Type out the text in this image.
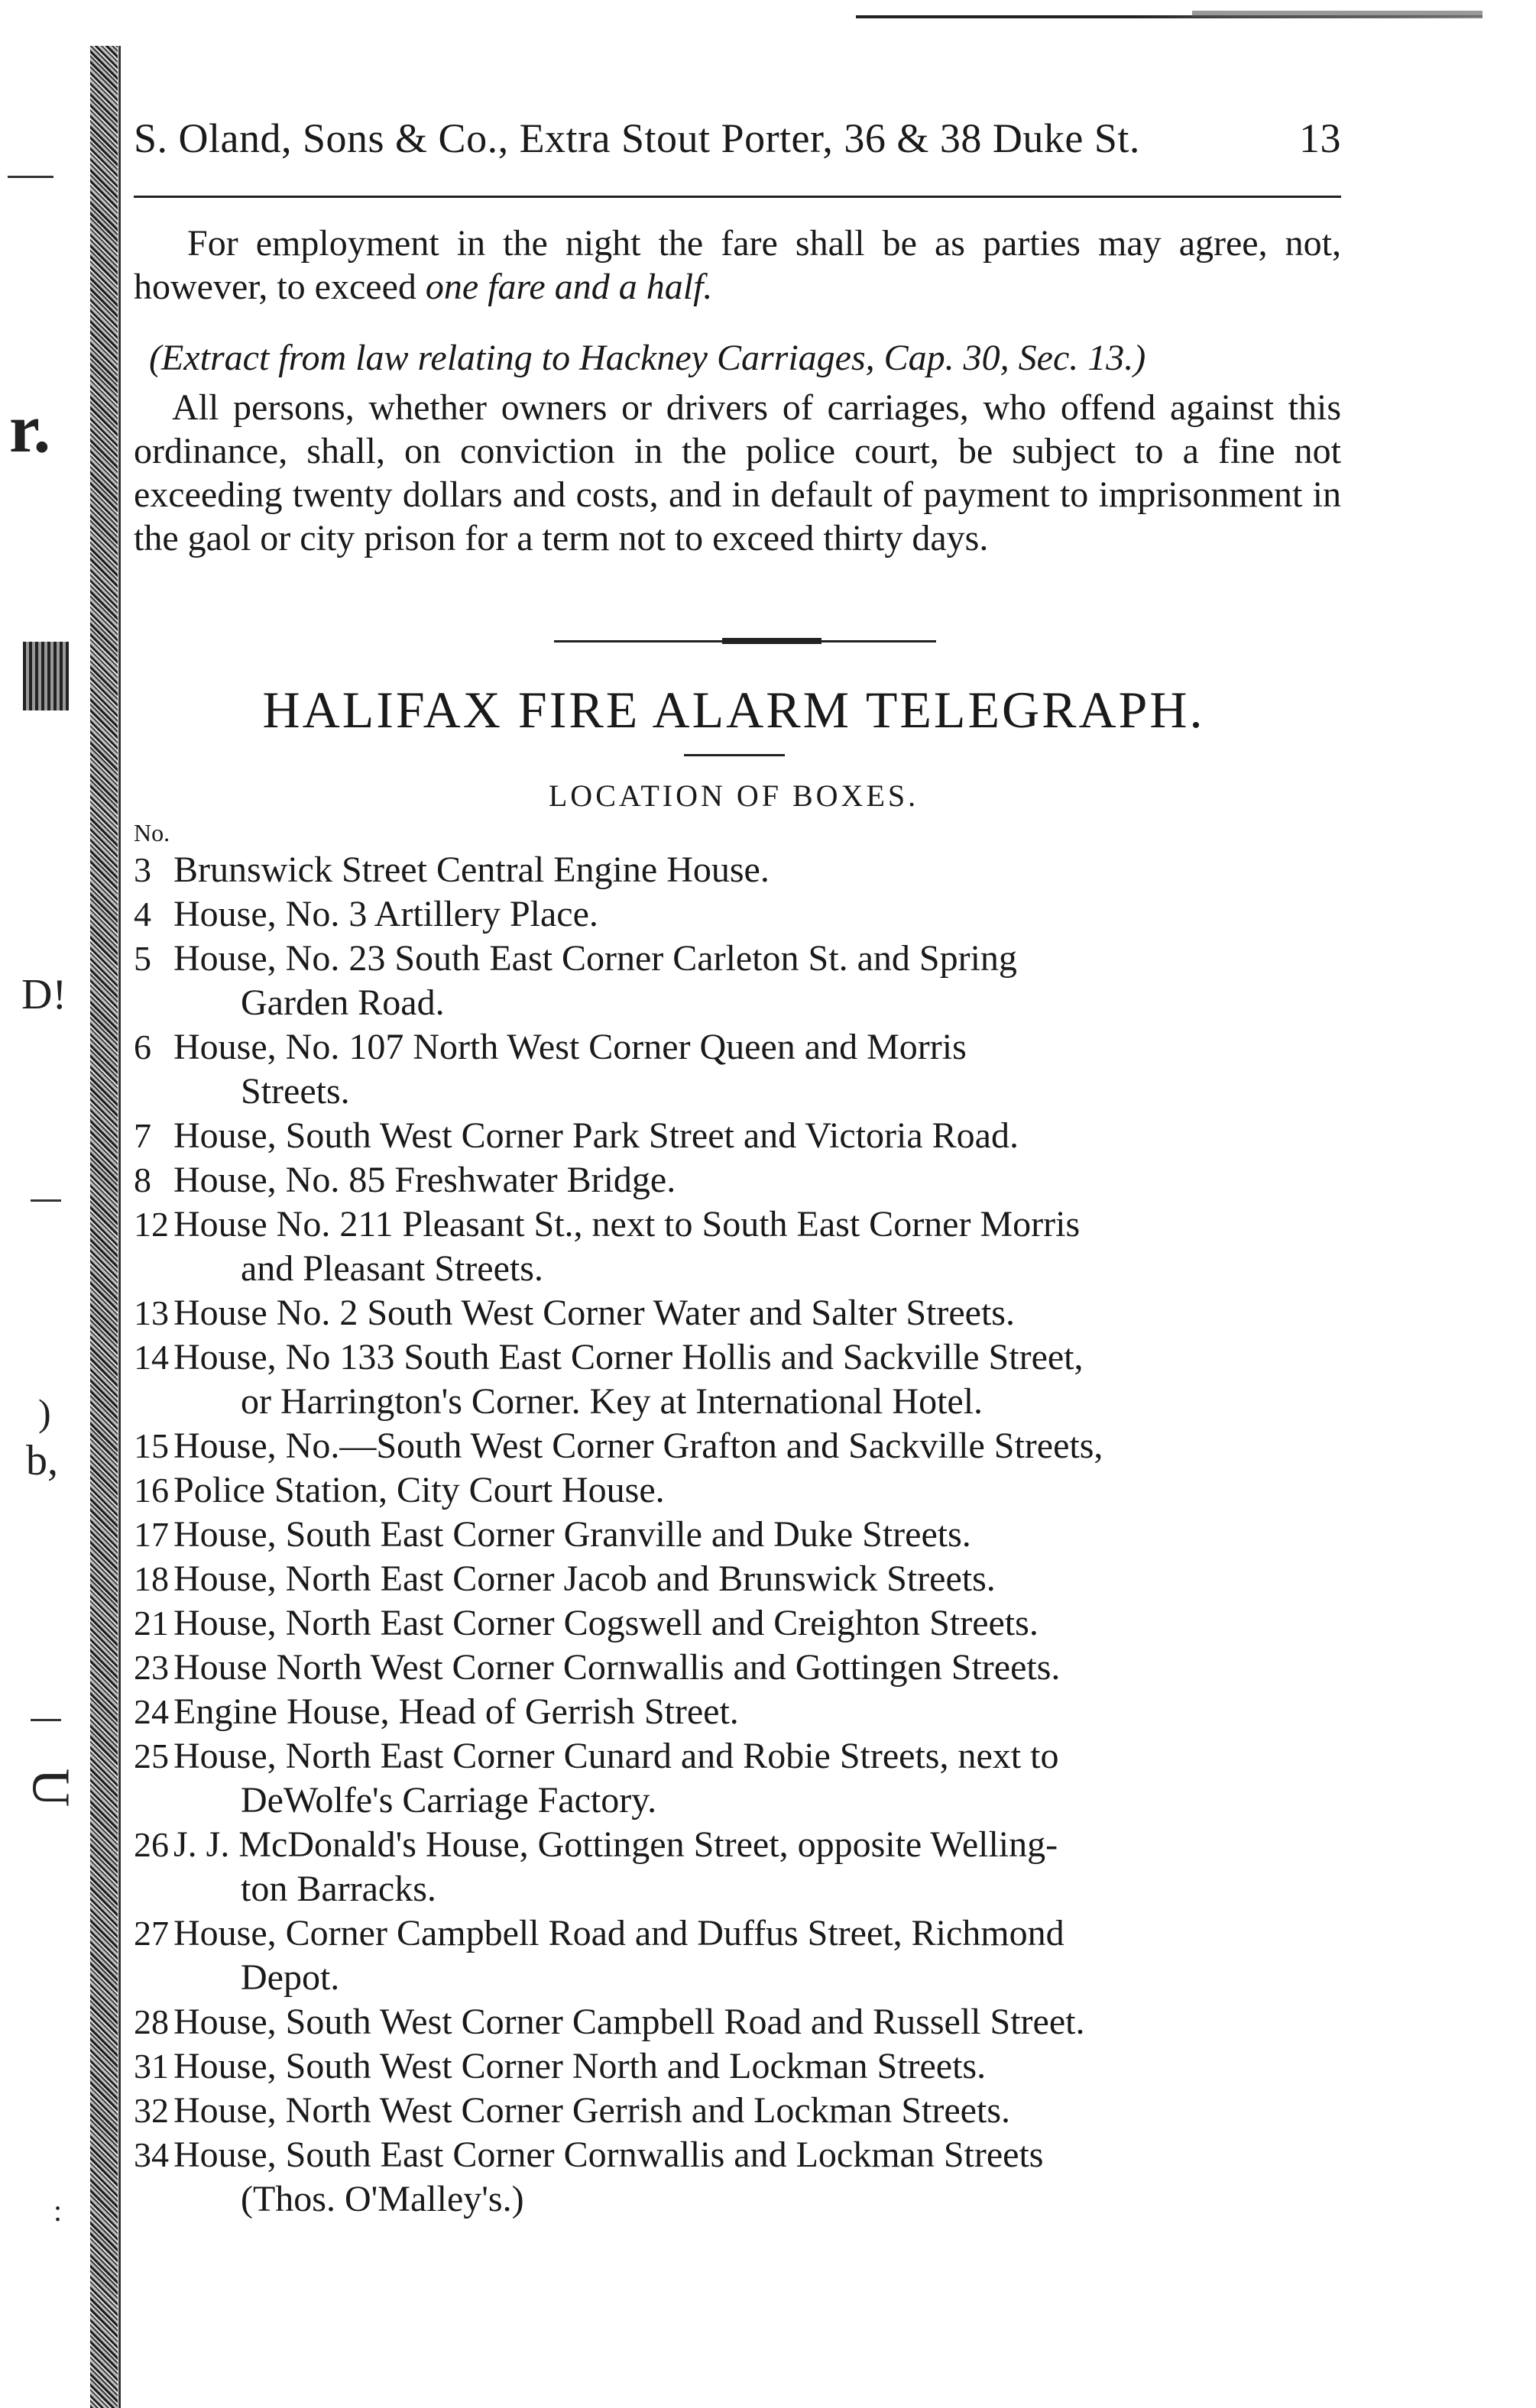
r.
D!
)
b,
U
:
S. Oland, Sons & Co., Extra Stout Porter, 36 & 38 Duke St.	13
For employment in the night the fare shall be as parties may agree, not, however, to exceed one fare and a half.
(Extract from law relating to Hackney Carriages, Cap. 30, Sec. 13.)
All persons, whether owners or drivers of carriages, who offend against this ordinance, shall, on conviction in the police court, be subject to a fine not exceeding twenty dollars and costs, and in default of payment to imprisonment in the gaol or city prison for a term not to exceed thirty days.
HALIFAX FIRE ALARM TELEGRAPH.
LOCATION OF BOXES.
No.
3 Brunswick Street Central Engine House.
4 House, No. 3 Artillery Place.
5 House, No. 23 South East Corner Carleton St. and Spring
Garden Road.
6 House, No. 107 North West Corner Queen and Morris
Streets.
7 House, South West Corner Park Street and Victoria Road.
8 House, No. 85 Freshwater Bridge.
12 House No. 211 Pleasant St., next to South East Corner Morris
and Pleasant Streets.
13 House No. 2 South West Corner Water and Salter Streets.
14 House, No 133 South East Corner Hollis and Sackville Street,
or Harrington's Corner. Key at International Hotel.
15 House, No.—South West Corner Grafton and Sackville Streets,
16 Police Station, City Court House.
17 House, South East Corner Granville and Duke Streets.
18 House, North East Corner Jacob and Brunswick Streets.
21 House, North East Corner Cogswell and Creighton Streets.
23 House North West Corner Cornwallis and Gottingen Streets.
24 Engine House, Head of Gerrish Street.
25 House, North East Corner Cunard and Robie Streets, next to
DeWolfe's Carriage Factory.
26 J. J. McDonald's House, Gottingen Street, opposite Welling-
ton Barracks.
27 House, Corner Campbell Road and Duffus Street, Richmond
Depot.
28 House, South West Corner Campbell Road and Russell Street.
31 House, South West Corner North and Lockman Streets.
32 House, North West Corner Gerrish and Lockman Streets.
34 House, South East Corner Cornwallis and Lockman Streets
(Thos. O'Malley's.)
